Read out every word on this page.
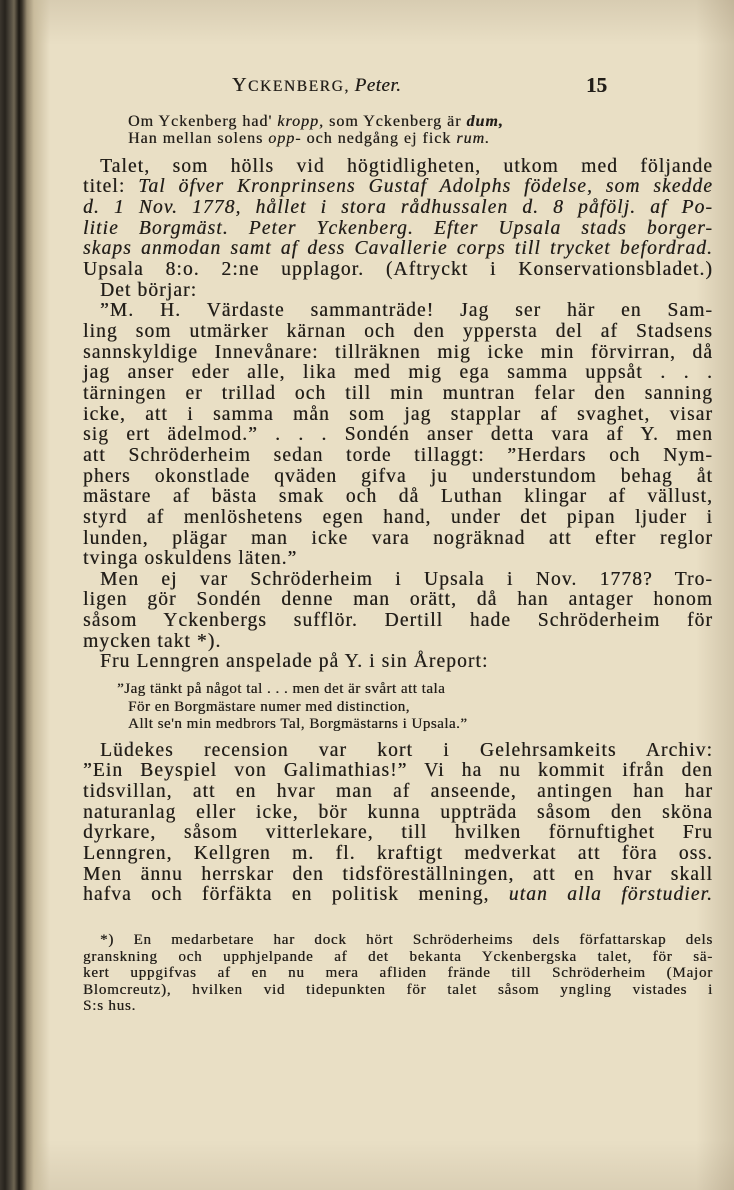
YCKENBERG, Peter.	15
Om Yckenberg had' kropp, som Yckenberg är dum,
Han mellan solens opp- och nedgång ej fick rum.
Talet, som hölls vid högtidligheten, utkom med följande
titel: Tal öfver Kronprinsens Gustaf Adolphs födelse, som skedde
d. 1 Nov. 1778, hållet i stora rådhussalen d. 8 påfölj. af Po-
litie Borgmäst. Peter Yckenberg. Efter Upsala stads borger-
skaps anmodan samt af dess Cavallerie corps till trycket befordrad.
Upsala 8:o. 2:ne upplagor. (Aftryckt i Konservationsbladet.)
Det börjar:
”M. H. Värdaste sammanträde! Jag ser här en Sam-
ling som utmärker kärnan och den yppersta del af Stadsens
sannskyldige Innevånare: tillräknen mig icke min förvirran, då
jag anser eder alle, lika med mig ega samma uppsåt . . .
tärningen er trillad och till min muntran felar den sanning
icke, att i samma mån som jag stapplar af svaghet, visar
sig ert ädelmod.” . . . Sondén anser detta vara af Y. men
att Schröderheim sedan torde tillaggt: ”Herdars och Nym-
phers okonstlade qväden gifva ju understundom behag åt
mästare af bästa smak och då Luthan klingar af vällust,
styrd af menlöshetens egen hand, under det pipan ljuder i
lunden, plägar man icke vara nogräknad att efter reglor
tvinga oskuldens läten.”
Men ej var Schröderheim i Upsala i Nov. 1778? Tro-
ligen gör Sondén denne man orätt, då han antager honom
såsom Yckenbergs sufflör. Dertill hade Schröderheim för
mycken takt *).
Fru Lenngren anspelade på Y. i sin Åreport:
”Jag tänkt på något tal . . . men det är svårt att tala
För en Borgmästare numer med distinction,
Allt se'n min medbrors Tal, Borgmästarns i Upsala.”
Lüdekes recension var kort i Gelehrsamkeits Archiv:
”Ein Beyspiel von Galimathias!” Vi ha nu kommit ifrån den
tidsvillan, att en hvar man af anseende, antingen han har
naturanlag eller icke, bör kunna uppträda såsom den sköna
dyrkare, såsom vitterlekare, till hvilken förnuftighet Fru
Lenngren, Kellgren m. fl. kraftigt medverkat att föra oss.
Men ännu herrskar den tidsföreställningen, att en hvar skall
hafva och förfäkta en politisk mening, utan alla förstudier.
*) En medarbetare har dock hört Schröderheims dels författarskap dels
granskning och upphjelpande af det bekanta Yckenbergska talet, för sä-
kert uppgifvas af en nu mera afliden frände till Schröderheim (Major
Blomcreutz), hvilken vid tidepunkten för talet såsom yngling vistades i
S:s hus.
